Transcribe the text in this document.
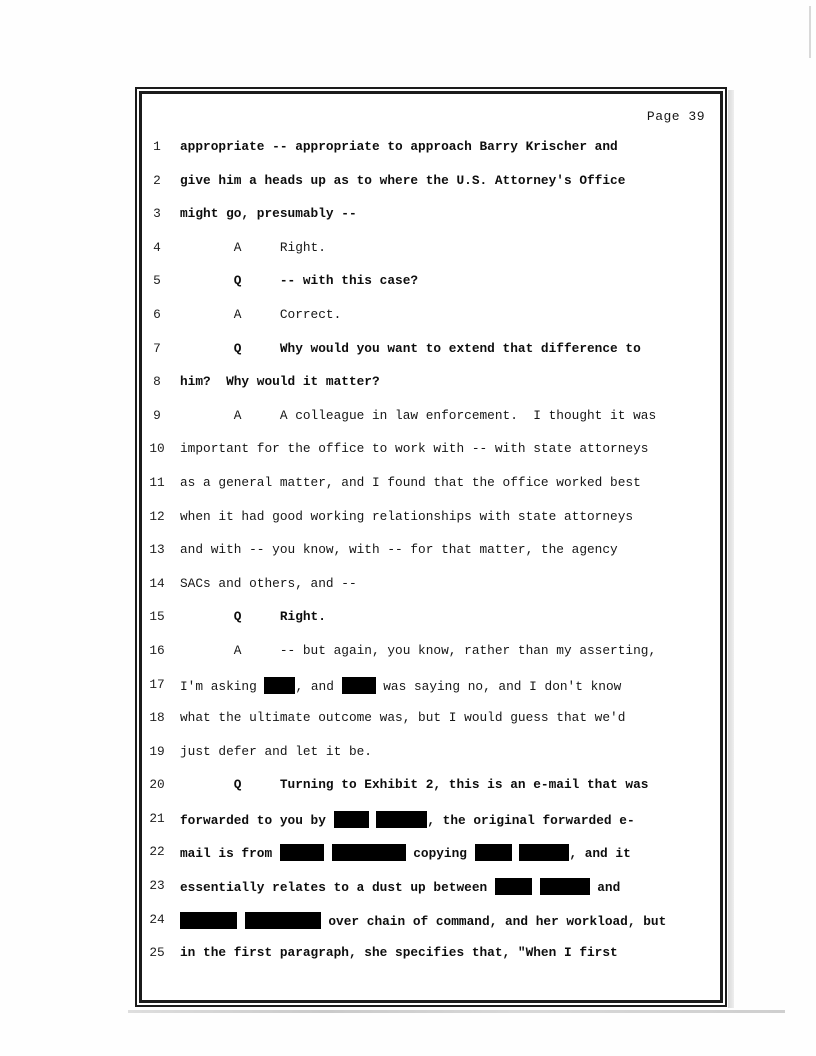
Page 39
1	appropriate -- appropriate to approach Barry Krischer and
2	give him a heads up as to where the U.S. Attorney's Office
3	might go, presumably --
4	A     Right.
5	Q     -- with this case?
6	A     Correct.
7	Q     Why would you want to extend that difference to
8	him?  Why would it matter?
9	A     A colleague in law enforcement.  I thought it was
10	important for the office to work with -- with state attorneys
11	as a general matter, and I found that the office worked best
12	when it had good working relationships with state attorneys
13	and with -- you know, with -- for that matter, the agency
14	SACs and others, and --
15	Q     Right.
16	A     -- but again, you know, rather than my asserting,
17	I'm asking , and	was saying no, and I don't know
18	what the ultimate outcome was, but I would guess that we'd
19	just defer and let it be.
20	Q     Turning to Exhibit 2, this is an e-mail that was
21	forwarded to you by	, the original forwarded e-
22	mail is from	copying	, and it
23	essentially relates to a dust up between	and
24	over chain of command, and her workload, but
25	in the first paragraph, she specifies that, "When I first
